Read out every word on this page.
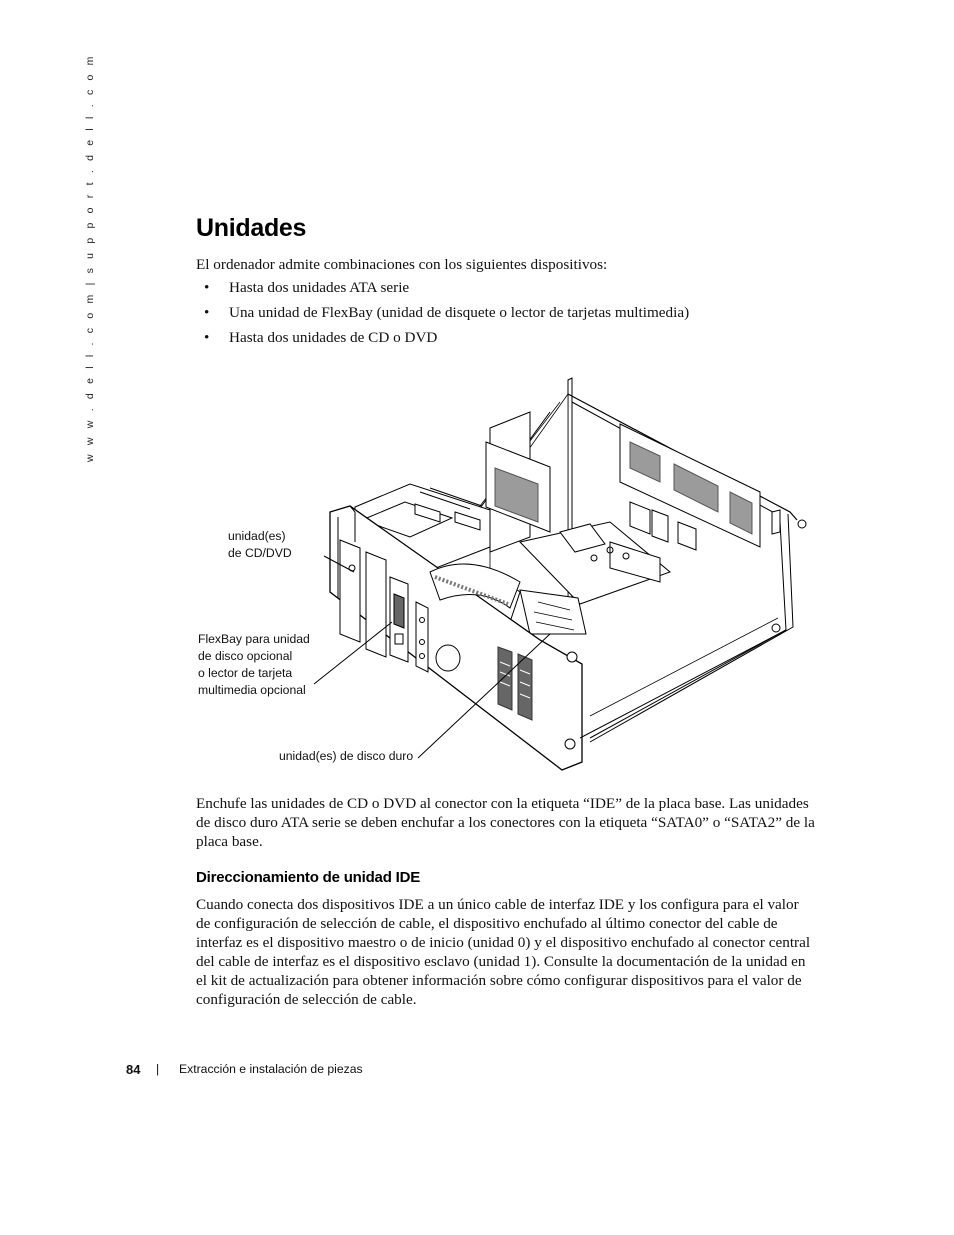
w w w . d e l l . c o m | s u p p o r t . d e l l . c o m	Unidades

El ordenador admite combinaciones con los siguientes dispositivos:

• Hasta dos unidades ATA serie
• Una unidad de FlexBay (unidad de disquete o lector de tarjetas multimedia)
• Hasta dos unidades de CD o DVD
unidad(es)
de CD/DVD
FlexBay para unidad
de disco opcional
o lector de tarjeta
multimedia opcional
unidad(es) de disco duro

Enchufe las unidades de CD o DVD al conector con la etiqueta “IDE” de la placa base. Las unidades de disco duro ATA serie se deben enchufar a los conectores con la etiqueta “SATA0” o “SATA2” de la placa base.

Direccionamiento de unidad IDE

Cuando conecta dos dispositivos IDE a un único cable de interfaz IDE y los configura para el valor de configuración de selección de cable, el dispositivo enchufado al último conector del cable de interfaz es el dispositivo maestro o de inicio (unidad 0) y el dispositivo enchufado al conector central del cable de interfaz es el dispositivo esclavo (unidad 1). Consulte la documentación de la unidad en el kit de actualización para obtener información sobre cómo configurar dispositivos para el valor de configuración de selección de cable.

84 | Extracción e instalación de piezas
